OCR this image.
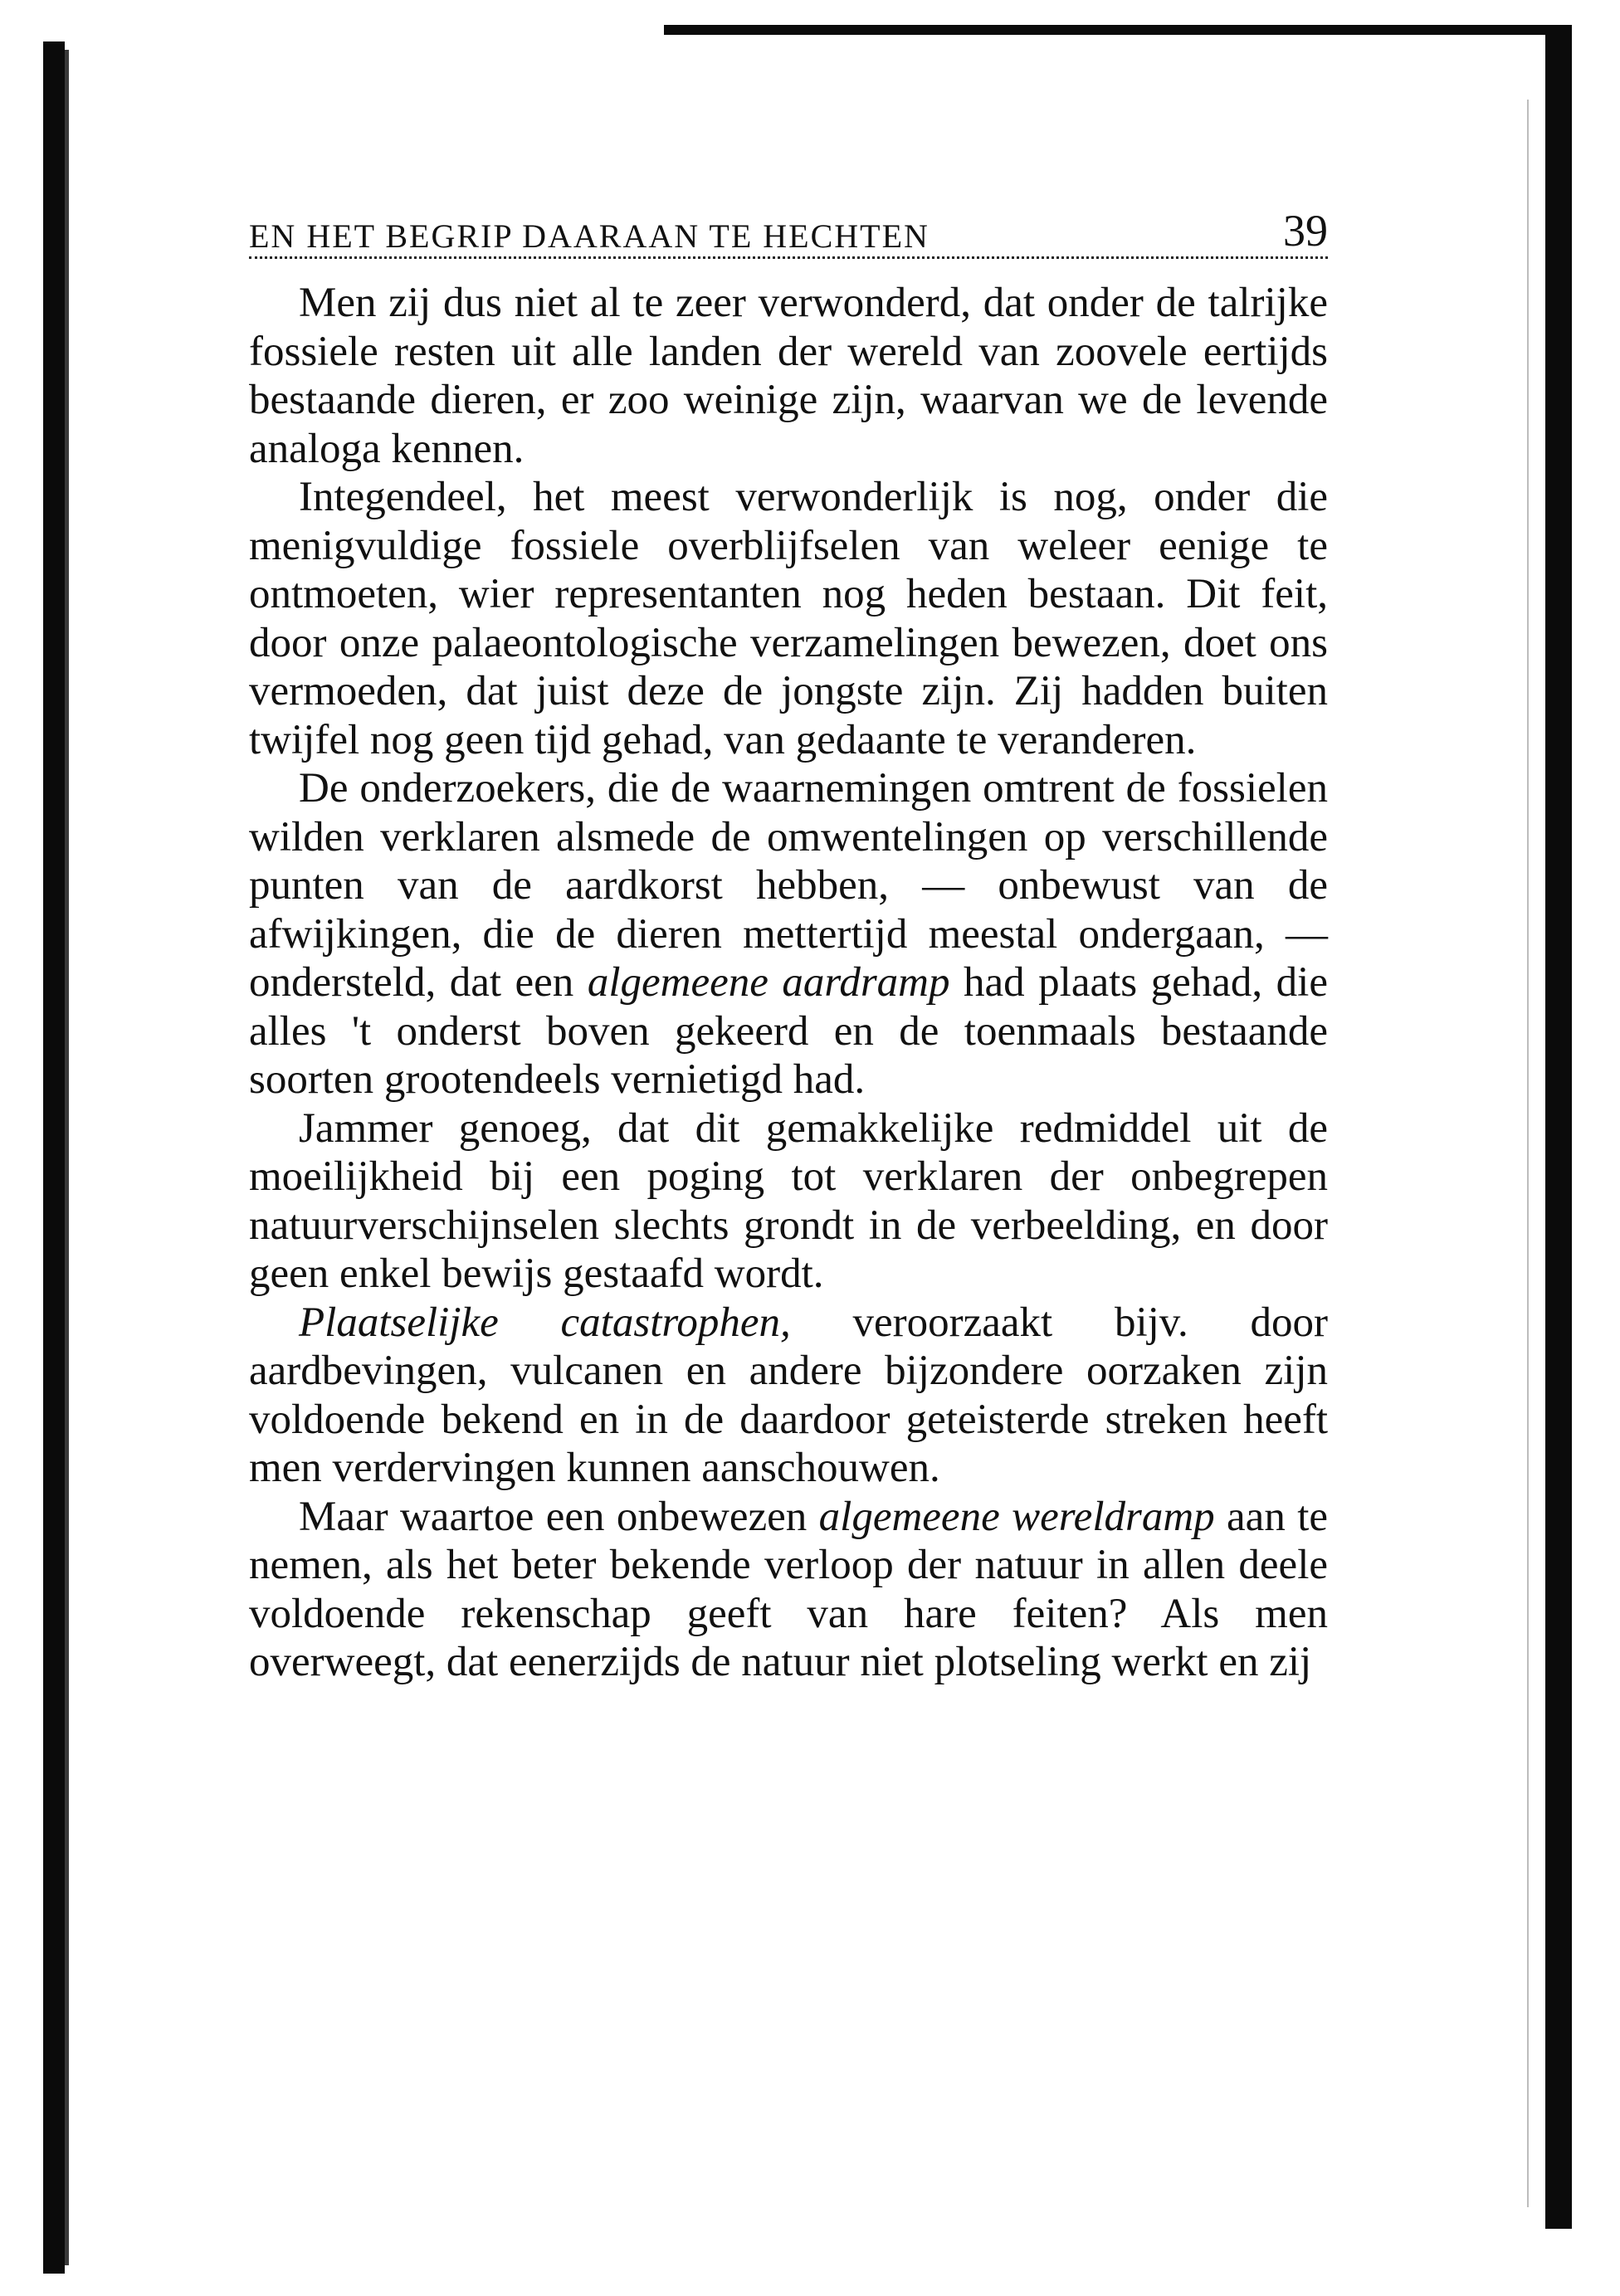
EN HET BEGRIP DAARAAN TE HECHTEN	39

Men zij dus niet al te zeer verwonderd, dat onder de talrijke fossiele resten uit alle landen der wereld van zoovele eertijds bestaande dieren, er zoo weinige zijn, waarvan we de levende analoga kennen.

Integendeel, het meest verwonderlijk is nog, onder die menigvuldige fossiele overblijfselen van weleer eenige te ontmoeten, wier representanten nog heden bestaan. Dit feit, door onze palaeontologische verzamelingen bewezen, doet ons vermoeden, dat juist deze de jongste zijn. Zij hadden buiten twijfel nog geen tijd gehad, van gedaante te veranderen.

De onderzoekers, die de waarnemingen omtrent de fossielen wilden verklaren alsmede de omwentelingen op verschillende punten van de aardkorst hebben, — onbewust van de afwijkingen, die de dieren mettertijd meestal ondergaan, — ondersteld, dat een algemeene aardramp had plaats gehad, die alles 't onderst boven gekeerd en de toenmaals bestaande soorten grootendeels vernietigd had.

Jammer genoeg, dat dit gemakkelijke redmiddel uit de moeilijkheid bij een poging tot verklaren der onbegrepen natuurverschijnselen slechts grondt in de verbeelding, en door geen enkel bewijs gestaafd wordt.

Plaatselijke catastrophen, veroorzaakt bijv. door aardbevingen, vulcanen en andere bijzondere oorzaken zijn voldoende bekend en in de daardoor geteisterde streken heeft men verdervingen kunnen aanschouwen.

Maar waartoe een onbewezen algemeene wereldramp aan te nemen, als het beter bekende verloop der natuur in allen deele voldoende rekenschap geeft van hare feiten? Als men overweegt, dat eenerzijds de natuur niet plotseling werkt en zij
